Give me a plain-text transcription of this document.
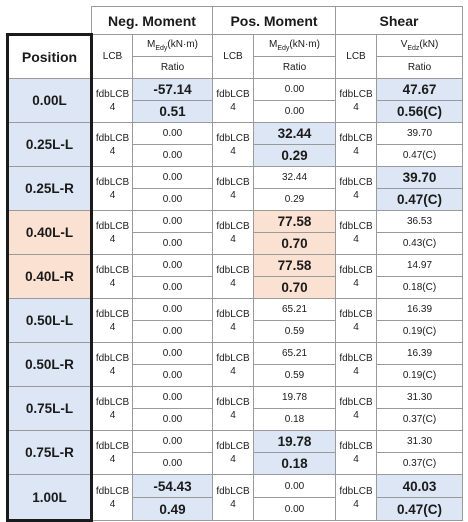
	Neg. Moment		Pos. Moment		Shear	
Position	LCB	$M_{Edy}(kN\cdot m)$	LCB	$M_{Edy}(kN\cdot m)$	LCB	$V_{Edz}(kN)$
		Ratio		Ratio		Ratio
0.00L	fdbLCB 4	-57.14	fdbLCB 4	0.00	fdbLCB 4	47.67
		0.51		0.00		0.56(C)
0.25L-L	fdbLCB 4	0.00	fdbLCB 4	32.44	fdbLCB 4	39.70
		0.00		0.29		0.47(C)
0.25L-R	fdbLCB 4	0.00	fdbLCB 4	32.44	fdbLCB 4	39.70
		0.00		0.29		0.47(C)
0.40L-L	fdbLCB 4	0.00	fdbLCB 4	77.58	fdbLCB 4	36.53
		0.00		0.70		0.43(C)
0.40L-R	fdbLCB 4	0.00	fdbLCB 4	77.58	fdbLCB 4	14.97
		0.00		0.70		0.18(C)
0.50L-L	fdbLCB 4	0.00	fdbLCB 4	65.21	fdbLCB 4	16.39
		0.00		0.59		0.19(C)
0.50L-R	fdbLCB 4	0.00	fdbLCB 4	65.21	fdbLCB 4	16.39
		0.00		0.59		0.19(C)
0.75L-L	fdbLCB 4	0.00	fdbLCB 4	19.78	fdbLCB 4	31.30
		0.00		0.18		0.37(C)
0.75L-R	fdbLCB 4	0.00	fdbLCB 4	19.78	fdbLCB 4	31.30
		0.00		0.18		0.37(C)
1.00L	fdbLCB 4	-54.43	fdbLCB 4	0.00	fdbLCB 4	40.03
		0.49		0.00		0.47(C)
